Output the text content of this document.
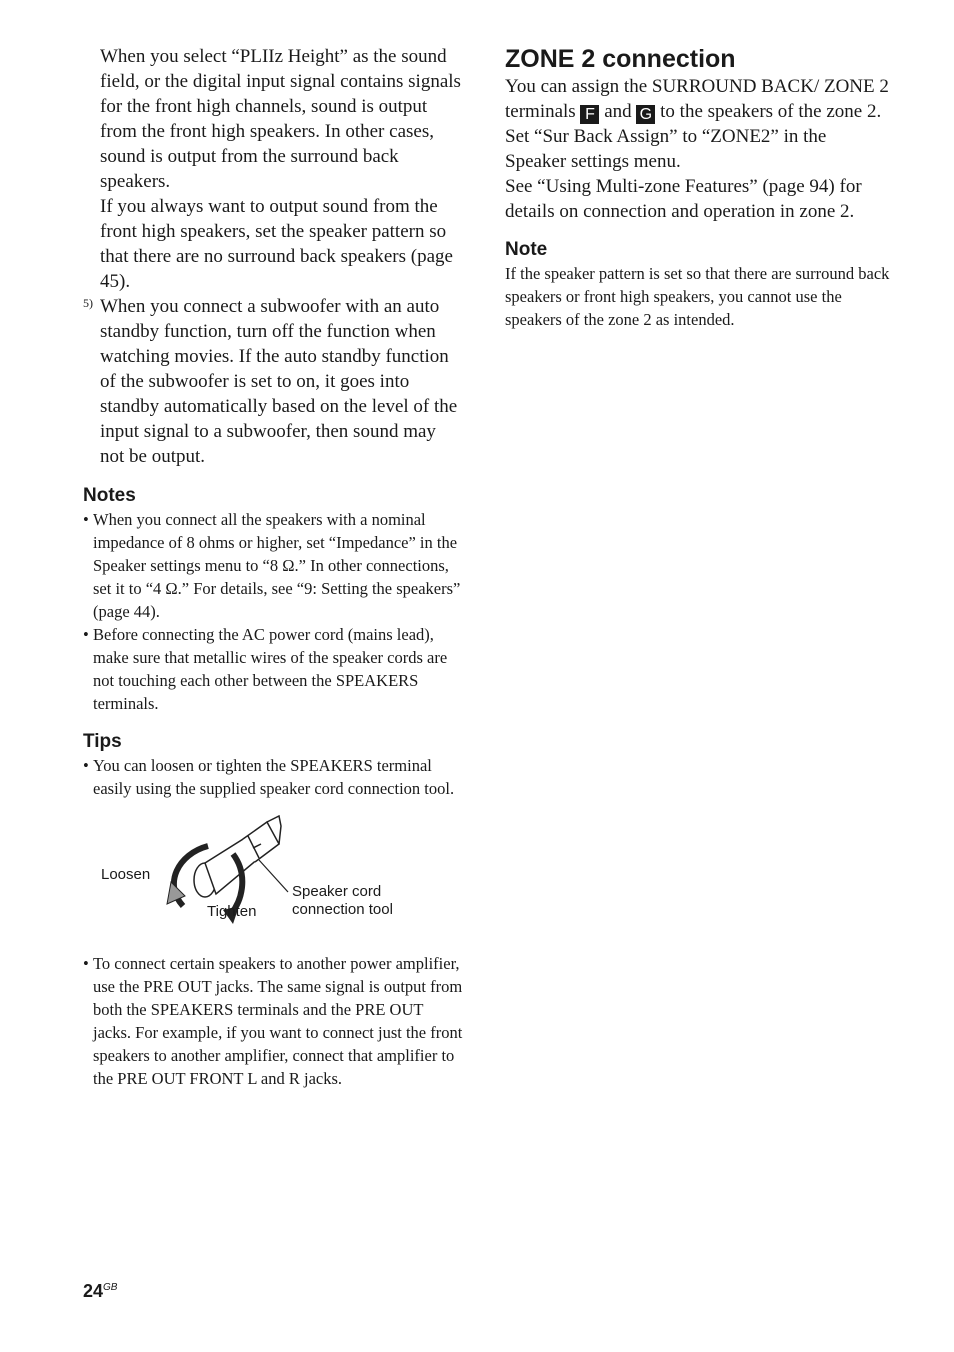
When you select “PLIIz Height” as the sound field, or the digital input signal contains signals for the front high channels, sound is output from the front high speakers. In other cases, sound is output from the surround back speakers.

If you always want to output sound from the front high speakers, set the speaker pattern so that there are no surround back speakers (page 45).

5) When you connect a subwoofer with an auto standby function, turn off the function when watching movies. If the auto standby function of the subwoofer is set to on, it goes into standby automatically based on the level of the input signal to a subwoofer, then sound may not be output.

Notes
• When you connect all the speakers with a nominal impedance of 8 ohms or higher, set “Impedance” in the Speaker settings menu to “8 Ω.” In other connections, set it to “4 Ω.” For details, see “9: Setting the speakers” (page 44).
• Before connecting the AC power cord (mains lead), make sure that metallic wires of the speaker cords are not touching each other between the SPEAKERS terminals.
Tips
• You can loosen or tighten the SPEAKERS terminal easily using the supplied speaker cord connection tool.
Loosen
Tighten
Speaker cord
connection tool
• To connect certain speakers to another power amplifier, use the PRE OUT jacks. The same signal is output from both the SPEAKERS terminals and the PRE OUT jacks. For example, if you want to connect just the front speakers to another amplifier, connect that amplifier to the PRE OUT FRONT L and R jacks.
ZONE 2 connection

You can assign the SURROUND BACK/ ZONE 2 terminals F and G to the speakers of the zone 2. Set “Sur Back Assign” to “ZONE2” in the Speaker settings menu.

See “Using Multi-zone Features” (page 94) for details on connection and operation in zone 2.

Note

If the speaker pattern is set so that there are surround back speakers or front high speakers, you cannot use the speakers of the zone 2 as intended.

$24^{GB}$
